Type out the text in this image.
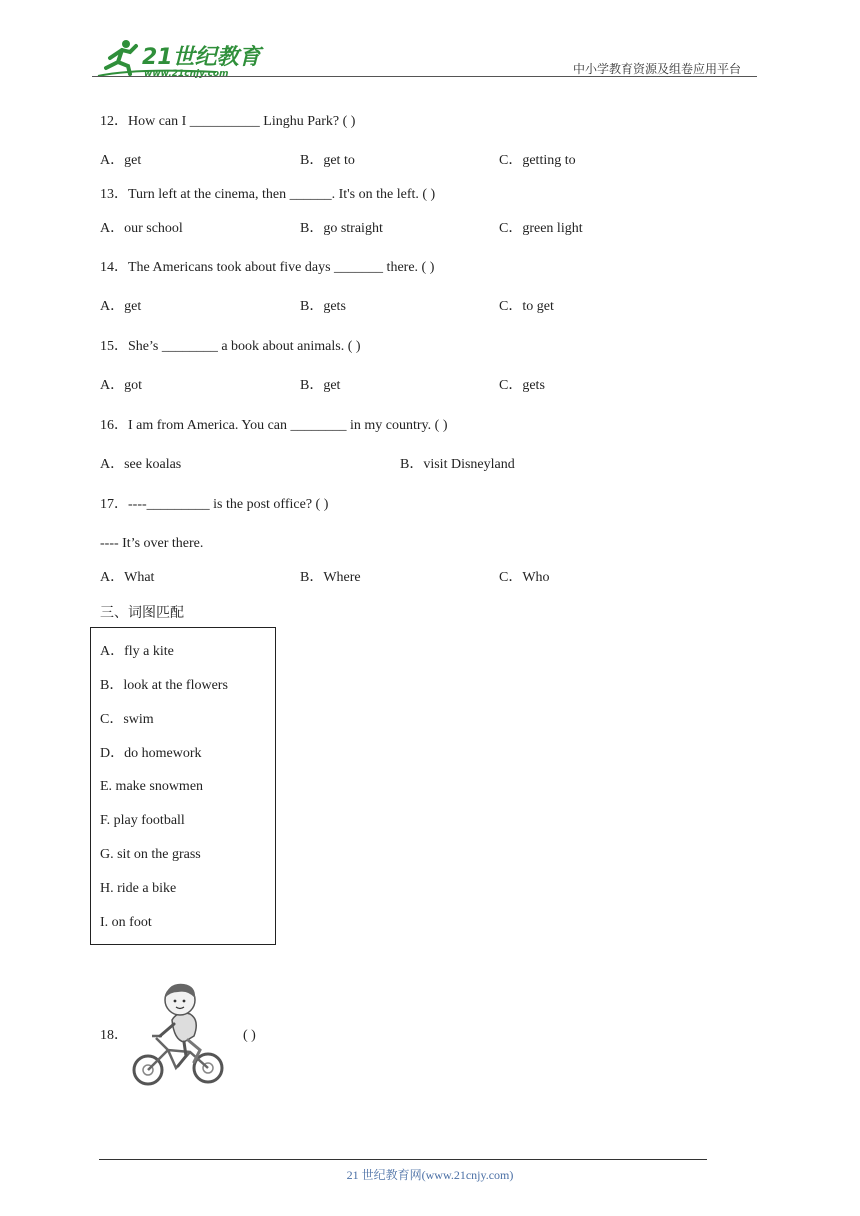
21世纪教育
www.21cnjy.com	中小学教育资源及组卷应用平台
12．How can I __________ Linghu Park? ( )
A．get	B．get to	C．getting to
13．Turn left at the cinema, then ______. It's on the left. ( )
A．our school	B．go straight	C．green light
14．The Americans took about five days _______ there. ( )
A．get	B．gets	C．to get
15．She’s ________ a book about animals. ( )
A．got	B．get	C．gets
16．I am from America. You can ________ in my country. ( )
A．see koalas	B．visit Disneyland
17．----_________ is the post office? ( )
---- It’s over there.
A．What	B．Where	C．Who
三、词图匹配
A．fly a kite
B．look at the flowers
C．swim
D．do homework
E. make snowmen
F. play football
G. sit on the grass
H. ride a bike
I. on foot
18．	( )
21 世纪教育网(www.21cnjy.com)
